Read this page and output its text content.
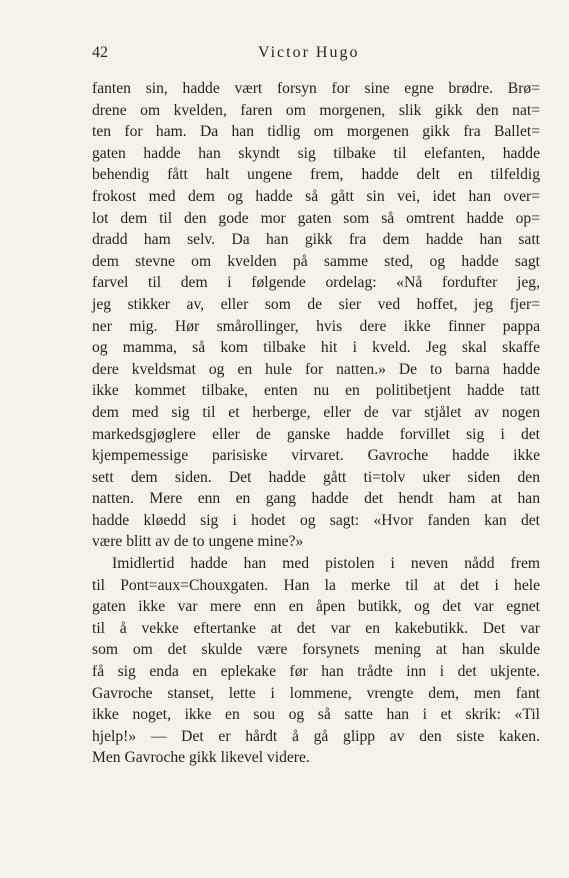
42	Victor Hugo
fanten sin, hadde vært forsyn for sine egne brødre. Brø=
drene om kvelden, faren om morgenen, slik gikk den nat=
ten for ham. Da han tidlig om morgenen gikk fra Ballet=
gaten hadde han skyndt sig tilbake til elefanten, hadde
behendig fått halt ungene frem, hadde delt en tilfeldig
frokost med dem og hadde så gått sin vei, idet han over=
lot dem til den gode mor gaten som så omtrent hadde op=
dradd ham selv. Da han gikk fra dem hadde han satt
dem stevne om kvelden på samme sted, og hadde sagt
farvel til dem i følgende ordelag: «Nå fordufter jeg,
jeg stikker av, eller som de sier ved hoffet, jeg fjer=
ner mig. Hør smårollinger, hvis dere ikke finner pappa
og mamma, så kom tilbake hit i kveld. Jeg skal skaffe
dere kveldsmat og en hule for natten.» De to barna hadde
ikke kommet tilbake, enten nu en politibetjent hadde tatt
dem med sig til et herberge, eller de var stjålet av nogen
markedsgjøglere eller de ganske hadde forvillet sig i det
kjempemessige parisiske virvaret. Gavroche hadde ikke
sett dem siden. Det hadde gått ti=tolv uker siden den
natten. Mere enn en gang hadde det hendt ham at han
hadde kløedd sig i hodet og sagt: «Hvor fanden kan det
være blitt av de to ungene mine?»
Imidlertid hadde han med pistolen i neven nådd frem
til Pont=aux=Chouxgaten. Han la merke til at det i hele
gaten ikke var mere enn en åpen butikk, og det var egnet
til å vekke eftertanke at det var en kakebutikk. Det var
som om det skulde være forsynets mening at han skulde
få sig enda en eplekake før han trådte inn i det ukjente.
Gavroche stanset, lette i lommene, vrengte dem, men fant
ikke noget, ikke en sou og så satte han i et skrik: «Til
hjelp!» — Det er hårdt å gå glipp av den siste kaken.
Men Gavroche gikk likevel videre.
